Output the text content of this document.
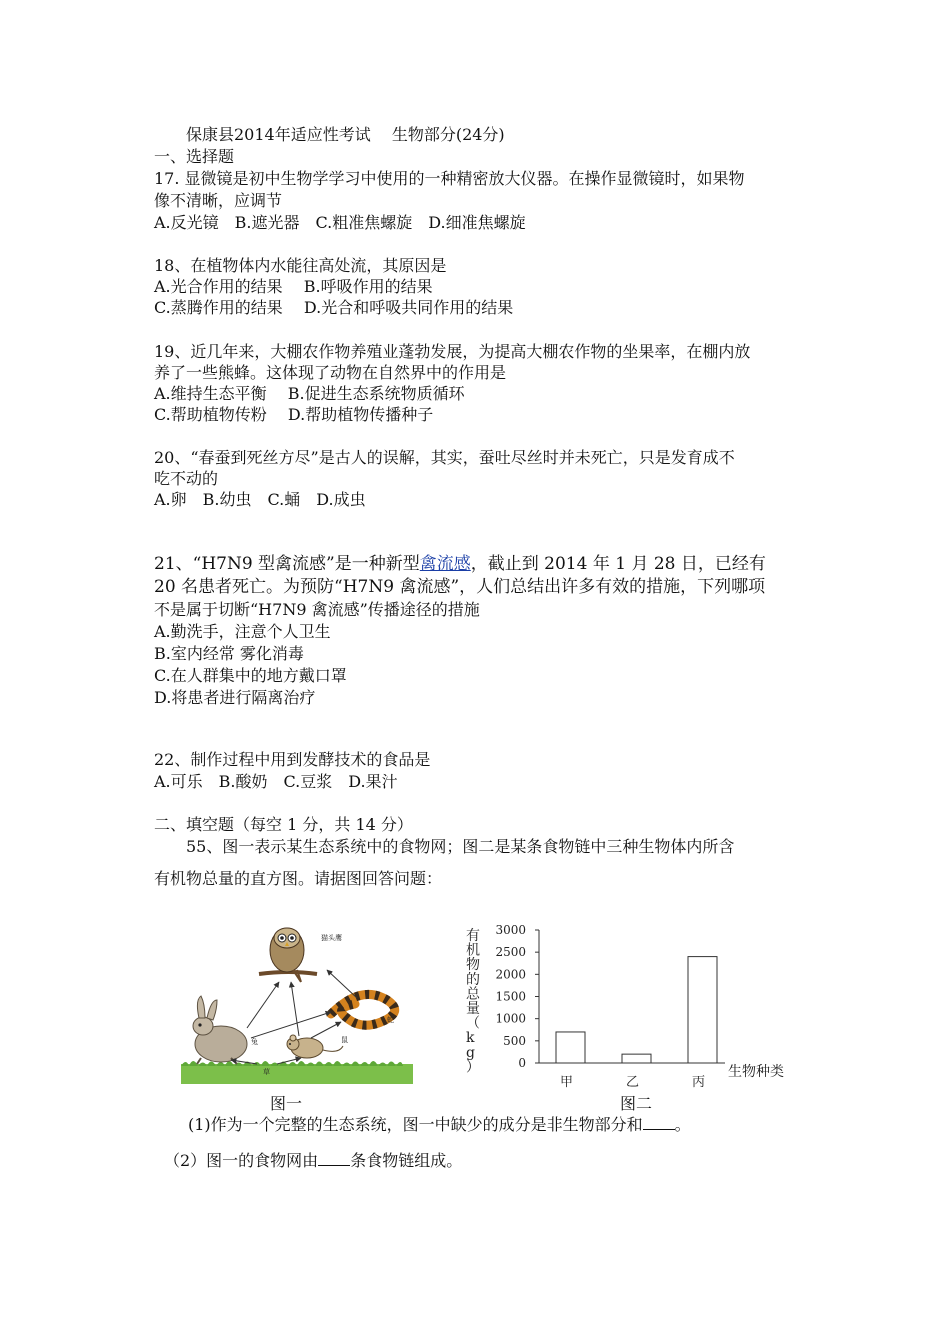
保康县2014年适应性考试　 生物部分(24分)
一、选择题
17. 显微镜是初中生物学学习中使用的一种精密放大仪器。在操作显微镜时，如果物
像不清晰，应调节
A.反光镜　B.遮光器　C.粗准焦螺旋　D.细准焦螺旋
18、在植物体内水能往高处流，其原因是
A.光合作用的结果　 B.呼吸作用的结果
C.蒸腾作用的结果　 D.光合和呼吸共同作用的结果
19、近几年来，大棚农作物养殖业蓬勃发展，为提高大棚农作物的坐果率，在棚内放
养了一些熊蜂。这体现了动物在自然界中的作用是
A.维持生态平衡　 B.促进生态系统物质循环
C.帮助植物传粉　 D.帮助植物传播种子
20、“春蚕到死丝方尽”是古人的误解，其实，蚕吐尽丝时并未死亡，只是发育成不
吃不动的
A.卵　B.幼虫　C.蛹　D.成虫
21、“H7N9 型禽流感”是一种新型禽流感，截止到 2014 年 1 月 28 日，已经有
20 名患者死亡。为预防“H7N9 禽流感”，人们总结出许多有效的措施，下列哪项
不是属于切断“H7N9 禽流感”传播途径的措施
A.勤洗手，注意个人卫生
B.室内经常 雾化消毒
C.在人群集中的地方戴口罩
D.将患者进行隔离治疗
22、制作过程中用到发酵技术的食品是
A.可乐　B.酸奶　C.豆浆　D.果汁
二、填空题（每空 1 分，共 14 分）
55、图一表示某生态系统中的食物网；图二是某条食物链中三种生物体内所含
有机物总量的直方图。请据图回答问题：
猫头鹰
兔	鼠
蛇
草
图一
有
机
物
的
总
量
（
k
g
）	0
500
1000
1500
2000
2500
3000
甲	乙	丙
生物种类
图二
(1)作为一个完整的生态系统，图一中缺少的成分是非生物部分和 。
（2）图一的食物网由 条食物链组成。
